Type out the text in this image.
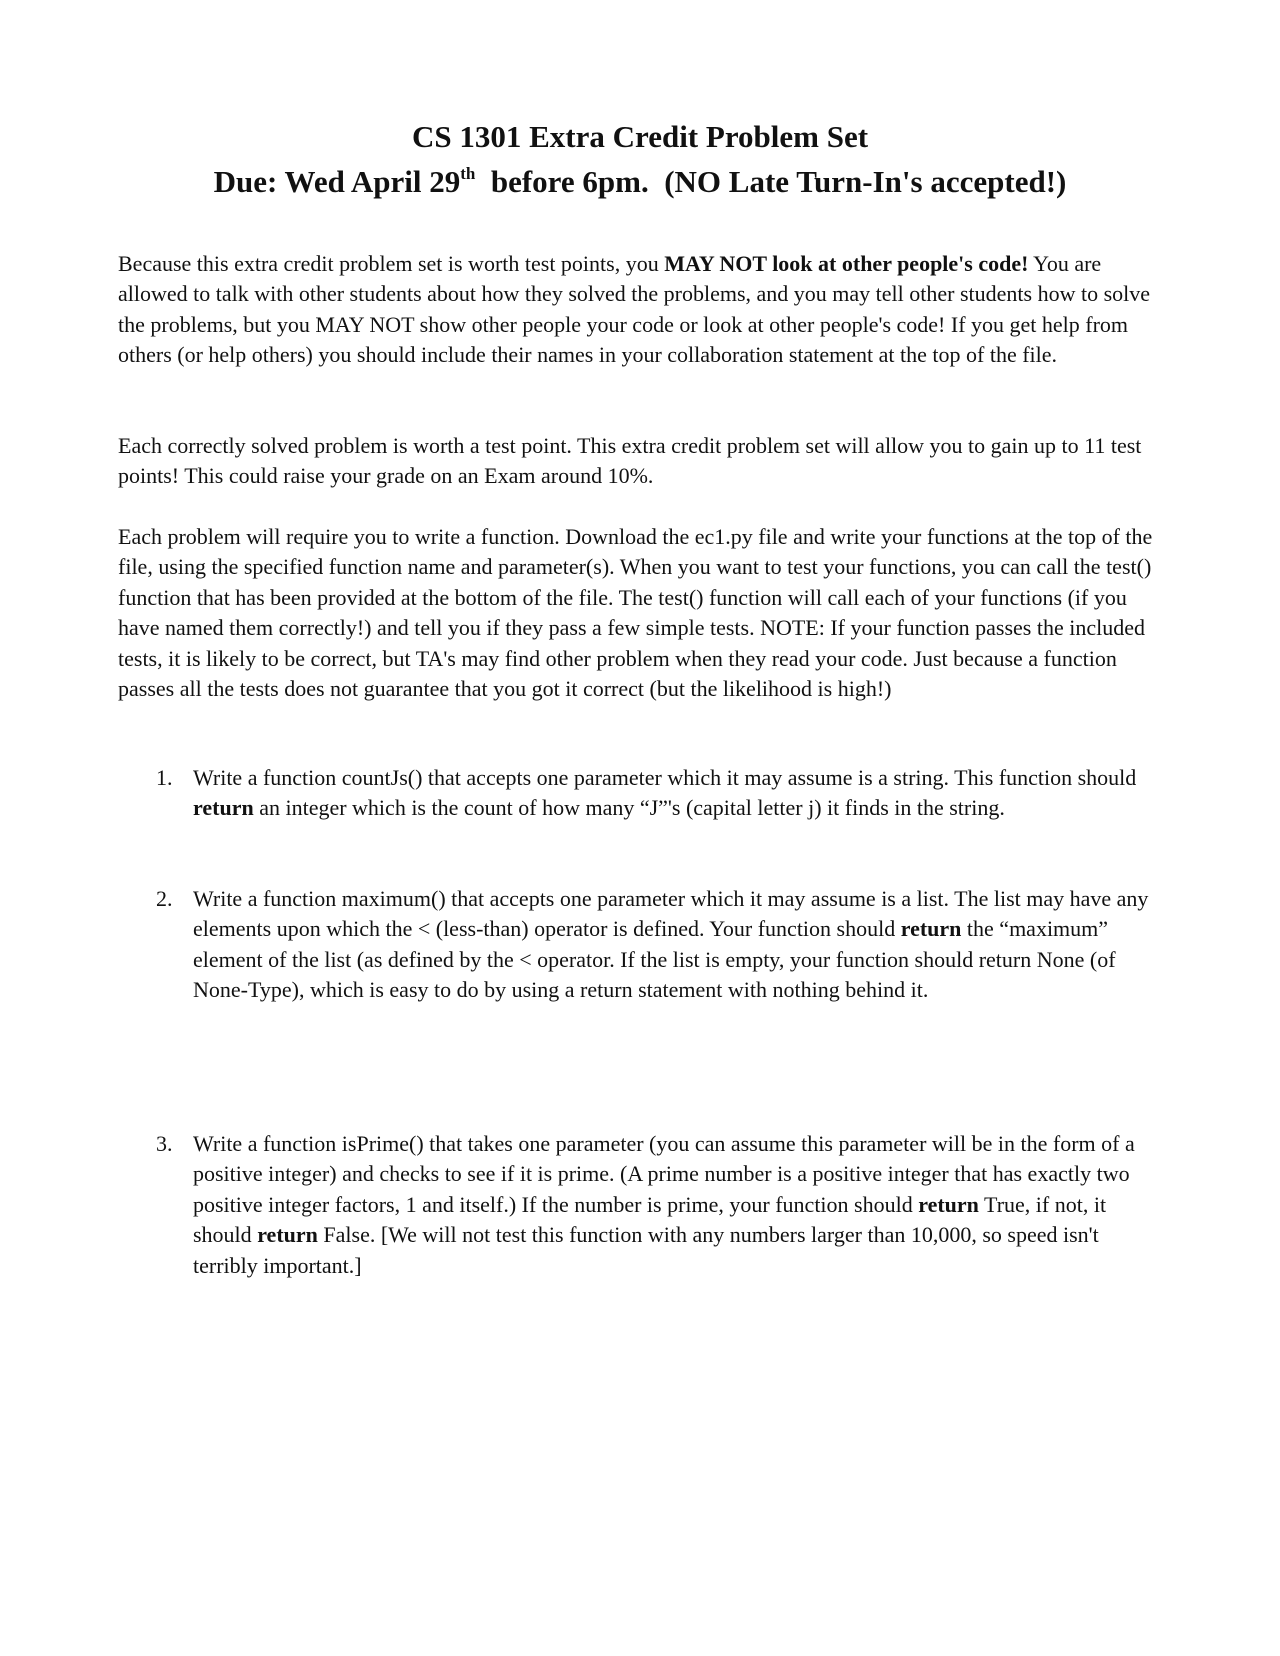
CS 1301 Extra Credit Problem Set
Due: Wed April 29th  before 6pm.  (NO Late Turn-In's accepted!)

Because this extra credit problem set is worth test points, you MAY NOT look at other people's code! You are allowed to talk with other students about how they solved the problems, and you may tell other students how to solve the problems, but you MAY NOT show other people your code or look at other people's code! If you get help from others (or help others) you should include their names in your collaboration statement at the top of the file.

Each correctly solved problem is worth a test point. This extra credit problem set will allow you to gain up to 11 test points! This could raise your grade on an Exam around 10%.

Each problem will require you to write a function. Download the ec1.py file and write your functions at the top of the file, using the specified function name and parameter(s). When you want to test your functions, you can call the test() function that has been provided at the bottom of the file. The test() function will call each of your functions (if you have named them correctly!) and tell you if they pass a few simple tests. NOTE: If your function passes the included tests, it is likely to be correct, but TA's may find other problem when they read your code. Just because a function passes all the tests does not guarantee that you got it correct (but the likelihood is high!)

1. Write a function countJs() that accepts one parameter which it may assume is a string. This function should return an integer which is the count of how many “J”'s (capital letter j) it finds in the string.
2. Write a function maximum() that accepts one parameter which it may assume is a list. The list may have any elements upon which the < (less-than) operator is defined. Your function should return the “maximum” element of the list (as defined by the < operator. If the list is empty, your function should return None (of None-Type), which is easy to do by using a return statement with nothing behind it.
3. Write a function isPrime() that takes one parameter (you can assume this parameter will be in the form of a positive integer) and checks to see if it is prime. (A prime number is a positive integer that has exactly two positive integer factors, 1 and itself.) If the number is prime, your function should return True, if not, it should return False. [We will not test this function with any numbers larger than 10,000, so speed isn't terribly important.]
